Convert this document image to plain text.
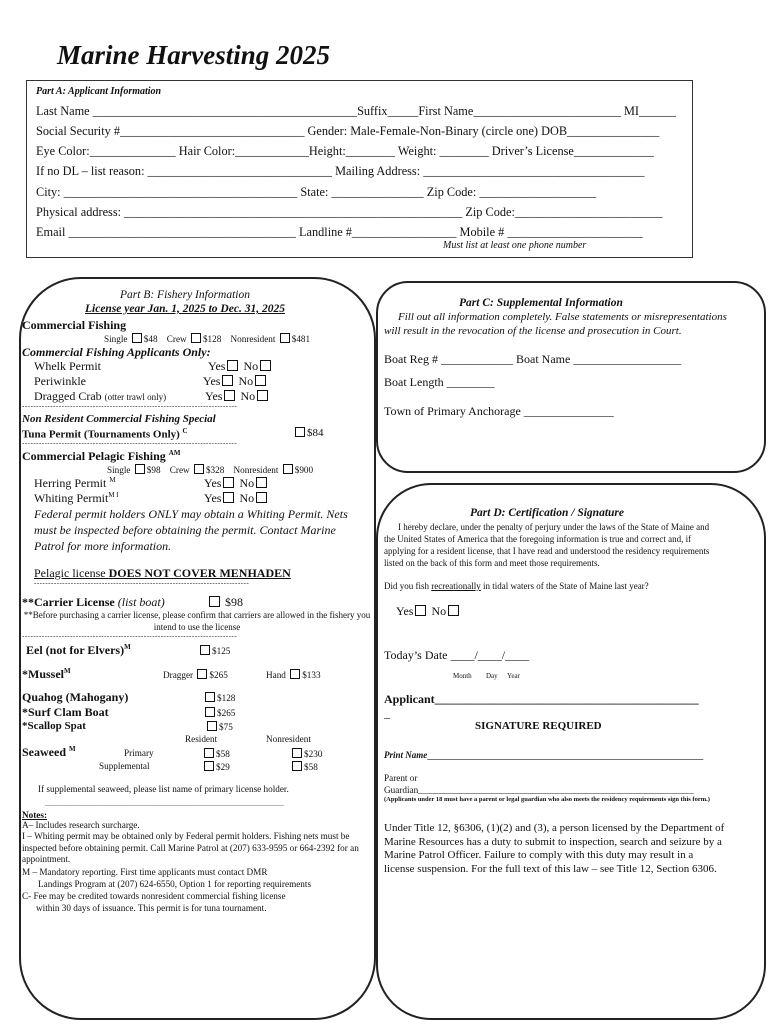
Marine Harvesting 2025
Part A: Applicant Information
Last Name ___________________________________________Suffix_____First Name________________________ MI______
Social Security #______________________________ Gender: Male-Female-Non-Binary (circle one) DOB_______________
Eye Color:______________ Hair Color:____________Height:________ Weight: ________ Driver’s License_____________
If no DL – list reason: ______________________________ Mailing Address: ____________________________________
City: ______________________________________ State: _______________ Zip Code: ___________________
Physical address: _______________________________________________________ Zip Code:________________________
Email _____________________________________ Landline #_________________ Mobile # ______________________
Must list at least one phone number
Part B: Fishery Information
License year Jan. 1, 2025 to Dec. 31, 2025
Commercial Fishing
Single $48 Crew $128 Nonresident $481
Commercial Fishing Applicants Only:
Whelk Permit	Yes No
Periwinkle	Yes No
Dragged Crab (otter trawl only)	Yes No
----------------------------------------------------------------------------
Non Resident Commercial Fishing Special
Tuna Permit (Tournaments Only) $^C$	$84
----------------------------------------------------------------------------
Commercial Pelagic Fishing $^{AM}$
Single $98 Crew $328 Nonresident $900
Herring Permit $^M$	Yes No
Whiting Permit$^{M I}$	Yes No
Federal permit holders ONLY may obtain a Whiting Permit. Nets must be inspected before obtaining the permit. Contact Marine Patrol for more information.
Pelagic license DOES NOT COVER MENHADEN
----------------------------------------------------------------------------
**Carrier License (list boat)	$98
**Before purchasing a carrier license, please confirm that carriers are allowed in the fishery you intend to use the license
----------------------------------------------------------------------------
Eel (not for Elvers)$^M$	$125
*Mussel$^M$	Dragger $265	Hand $133
Quahog (Mahogany)	$128
*Surf Clam Boat	$265
*Scallop Spat	$75
Resident	Nonresident
Seaweed $^M$	Primary	$58	$230
Supplemental	$29	$58
If supplemental seaweed, please list name of primary license holder.
____________________________________________________
Notes:
A– Includes research surcharge.
I – Whiting permit may be obtained only by Federal permit holders. Fishing nets must be inspected before obtaining permit. Call Marine Patrol at (207) 633-9595 or 664-2392 for an appointment.
M – Mandatory reporting. First time applicants must contact DMR
Landings Program at (207) 624-6550, Option 1 for reporting requirements
C- Fee may be credited towards nonresident commercial fishing license
within 30 days of issuance. This permit is for tuna tournament.
Part C: Supplemental Information
Fill out all information completely. False statements or misrepresentations will result in the revocation of the license and prosecution in Court.
Boat Reg # ____________ Boat Name __________________
Boat Length ________
Town of Primary Anchorage _______________
Part D: Certification / Signature
I hereby declare, under the penalty of perjury under the laws of the State of Maine and the United States of America that the foregoing information is true and correct and, if applying for a resident license, that I have read and understood the residency requirements listed on the back of this form and meet those requirements.
Did you fish recreationally in tidal waters of the State of Maine last year?
Yes No
Today’s Date ____/____/____
Month Day Year
Applicant____________________________________________
_
SIGNATURE REQUIRED
Print Name______________________________________________
Parent or
Guardian____________________________________________________________
(Applicants under 18 must have a parent or legal guardian who also meets the residency requirements sign this form.)
Under Title 12, §6306, (1)(2) and (3), a person licensed by the Department of Marine Resources has a duty to submit to inspection, search and seizure by a Marine Patrol Officer. Failure to comply with this duty may result in a license suspension. For the full text of this law – see Title 12, Section 6306.
